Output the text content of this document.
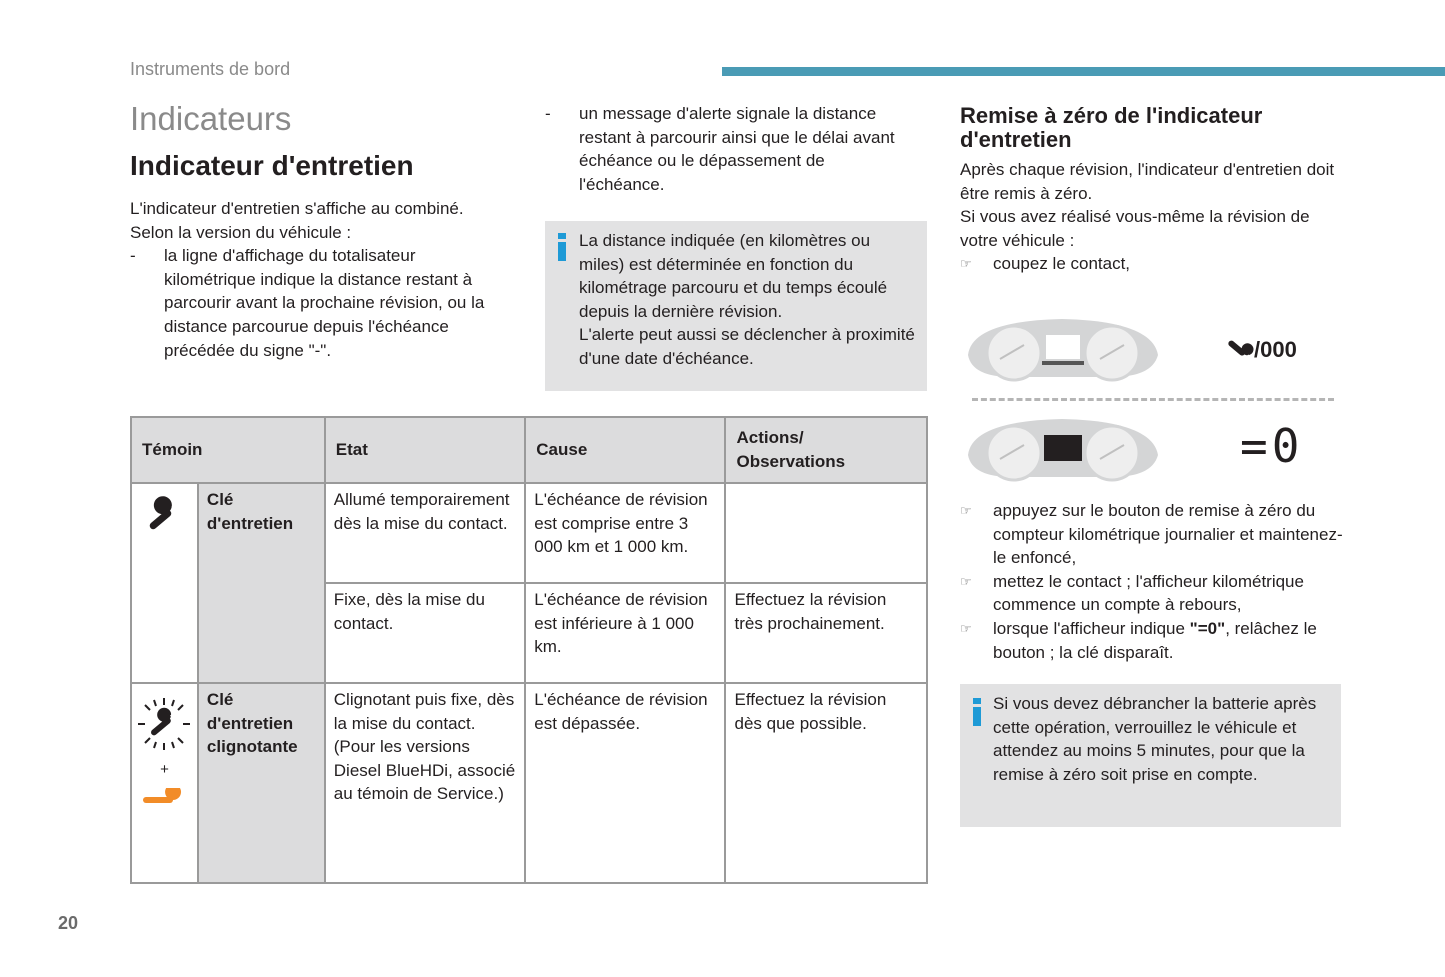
Instruments de bord
Indicateurs
Indicateur d'entretien
L'indicateur d'entretien s'affiche au combiné.
Selon la version du véhicule :
- la ligne d'affichage du totalisateur kilométrique indique la distance restant à parcourir avant la prochaine révision, ou la distance parcourue depuis l'échéance précédée du signe "-".
- un message d'alerte signale la distance restant à parcourir ainsi que le délai avant échéance ou le dépassement de l'échéance.
La distance indiquée (en kilomètres ou miles) est déterminée en fonction du kilométrage parcouru et du temps écoulé depuis la dernière révision.
L'alerte peut aussi se déclencher à proximité d'une date d'échéance.
Témoin		Etat	Cause	Actions/
Observations

Clé
d'entretien	Allumé temporairement dès la mise du contact.	L'échéance de révision est comprise entre 3 000 km et 1 000 km.	

		Fixe, dès la mise du contact.	L'échéance de révision est inférieure à 1 000 km.	Effectuez la révision très prochainement.

+	Clé
d'entretien
clignotante	Clignotant puis fixe, dès la mise du contact. (Pour les versions Diesel BlueHDi, associé au témoin de Service.)	L'échéance de révision est dépassée.	Effectuez la révision dès que possible.
Remise à zéro de l'indicateur d'entretien
Après chaque révision, l'indicateur d'entretien doit être remis à zéro.
Si vous avez réalisé vous-même la révision de votre véhicule :
☞ coupez le contact,
/000
=0
☞ appuyez sur le bouton de remise à zéro du compteur kilométrique journalier et maintenez-le enfoncé,
☞ mettez le contact ; l'afficheur kilométrique commence un compte à rebours,
☞ lorsque l'afficheur indique "=0", relâchez le bouton ; la clé disparaît.
Si vous devez débrancher la batterie après cette opération, verrouillez le véhicule et attendez au moins 5 minutes, pour que la remise à zéro soit prise en compte.
20
